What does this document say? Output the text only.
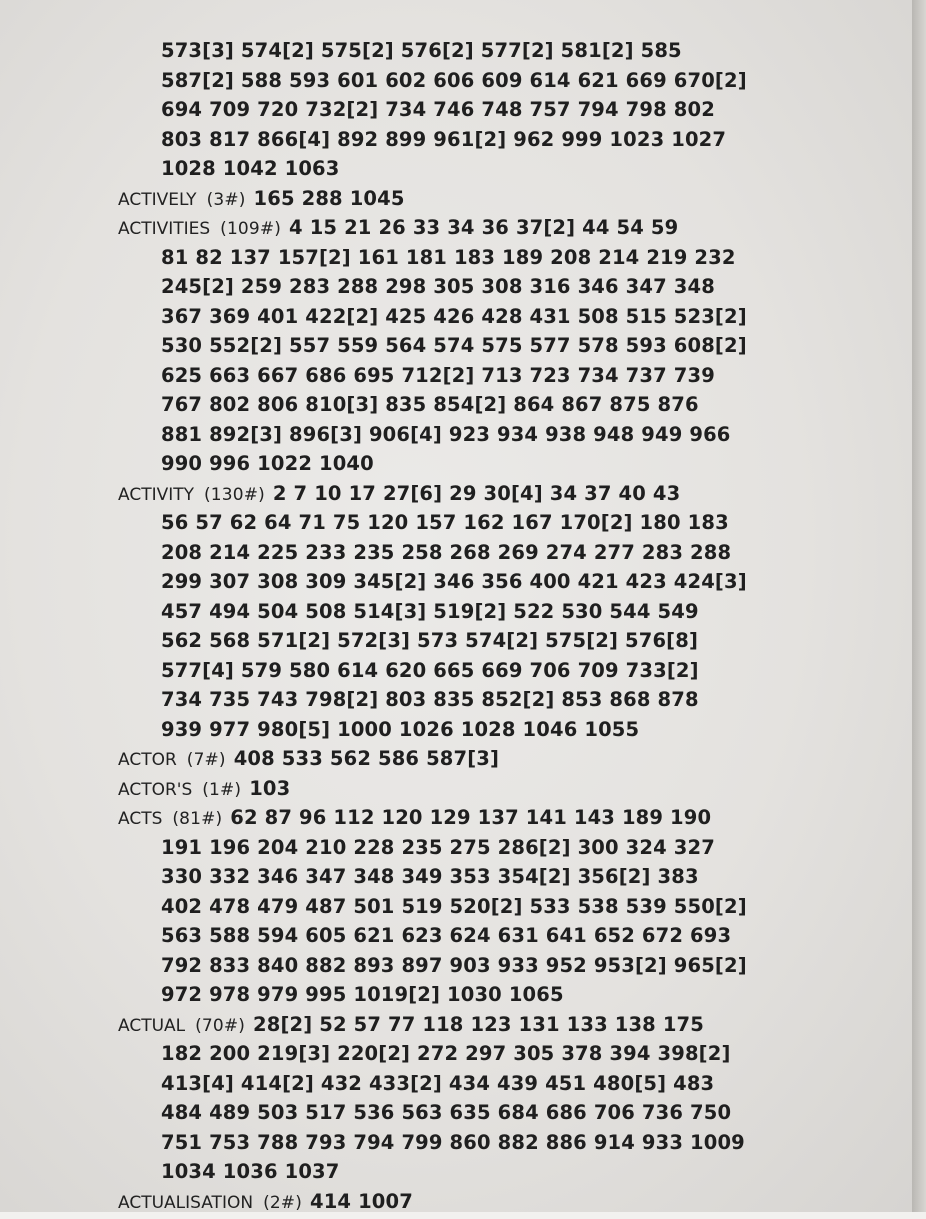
573[3] 574[2] 575[2] 576[2] 577[2] 581[2] 585
587[2] 588 593 601 602 606 609 614 621 669 670[2]
694 709 720 732[2] 734 746 748 757 794 798 802
803 817 866[4] 892 899 961[2] 962 999 1023 1027
1028 1042 1063
ACTIVELY (3#) 165 288 1045
ACTIVITIES (109#) 4 15 21 26 33 34 36 37[2] 44 54 59
81 82 137 157[2] 161 181 183 189 208 214 219 232
245[2] 259 283 288 298 305 308 316 346 347 348
367 369 401 422[2] 425 426 428 431 508 515 523[2]
530 552[2] 557 559 564 574 575 577 578 593 608[2]
625 663 667 686 695 712[2] 713 723 734 737 739
767 802 806 810[3] 835 854[2] 864 867 875 876
881 892[3] 896[3] 906[4] 923 934 938 948 949 966
990 996 1022 1040
ACTIVITY (130#) 2 7 10 17 27[6] 29 30[4] 34 37 40 43
56 57 62 64 71 75 120 157 162 167 170[2] 180 183
208 214 225 233 235 258 268 269 274 277 283 288
299 307 308 309 345[2] 346 356 400 421 423 424[3]
457 494 504 508 514[3] 519[2] 522 530 544 549
562 568 571[2] 572[3] 573 574[2] 575[2] 576[8]
577[4] 579 580 614 620 665 669 706 709 733[2]
734 735 743 798[2] 803 835 852[2] 853 868 878
939 977 980[5] 1000 1026 1028 1046 1055
ACTOR (7#) 408 533 562 586 587[3]
ACTOR'S (1#) 103
ACTS (81#) 62 87 96 112 120 129 137 141 143 189 190
191 196 204 210 228 235 275 286[2] 300 324 327
330 332 346 347 348 349 353 354[2] 356[2] 383
402 478 479 487 501 519 520[2] 533 538 539 550[2]
563 588 594 605 621 623 624 631 641 652 672 693
792 833 840 882 893 897 903 933 952 953[2] 965[2]
972 978 979 995 1019[2] 1030 1065
ACTUAL (70#) 28[2] 52 57 77 118 123 131 133 138 175
182 200 219[3] 220[2] 272 297 305 378 394 398[2]
413[4] 414[2] 432 433[2] 434 439 451 480[5] 483
484 489 503 517 536 563 635 684 686 706 736 750
751 753 788 793 794 799 860 882 886 914 933 1009
1034 1036 1037
ACTUALISATION (2#) 414 1007
